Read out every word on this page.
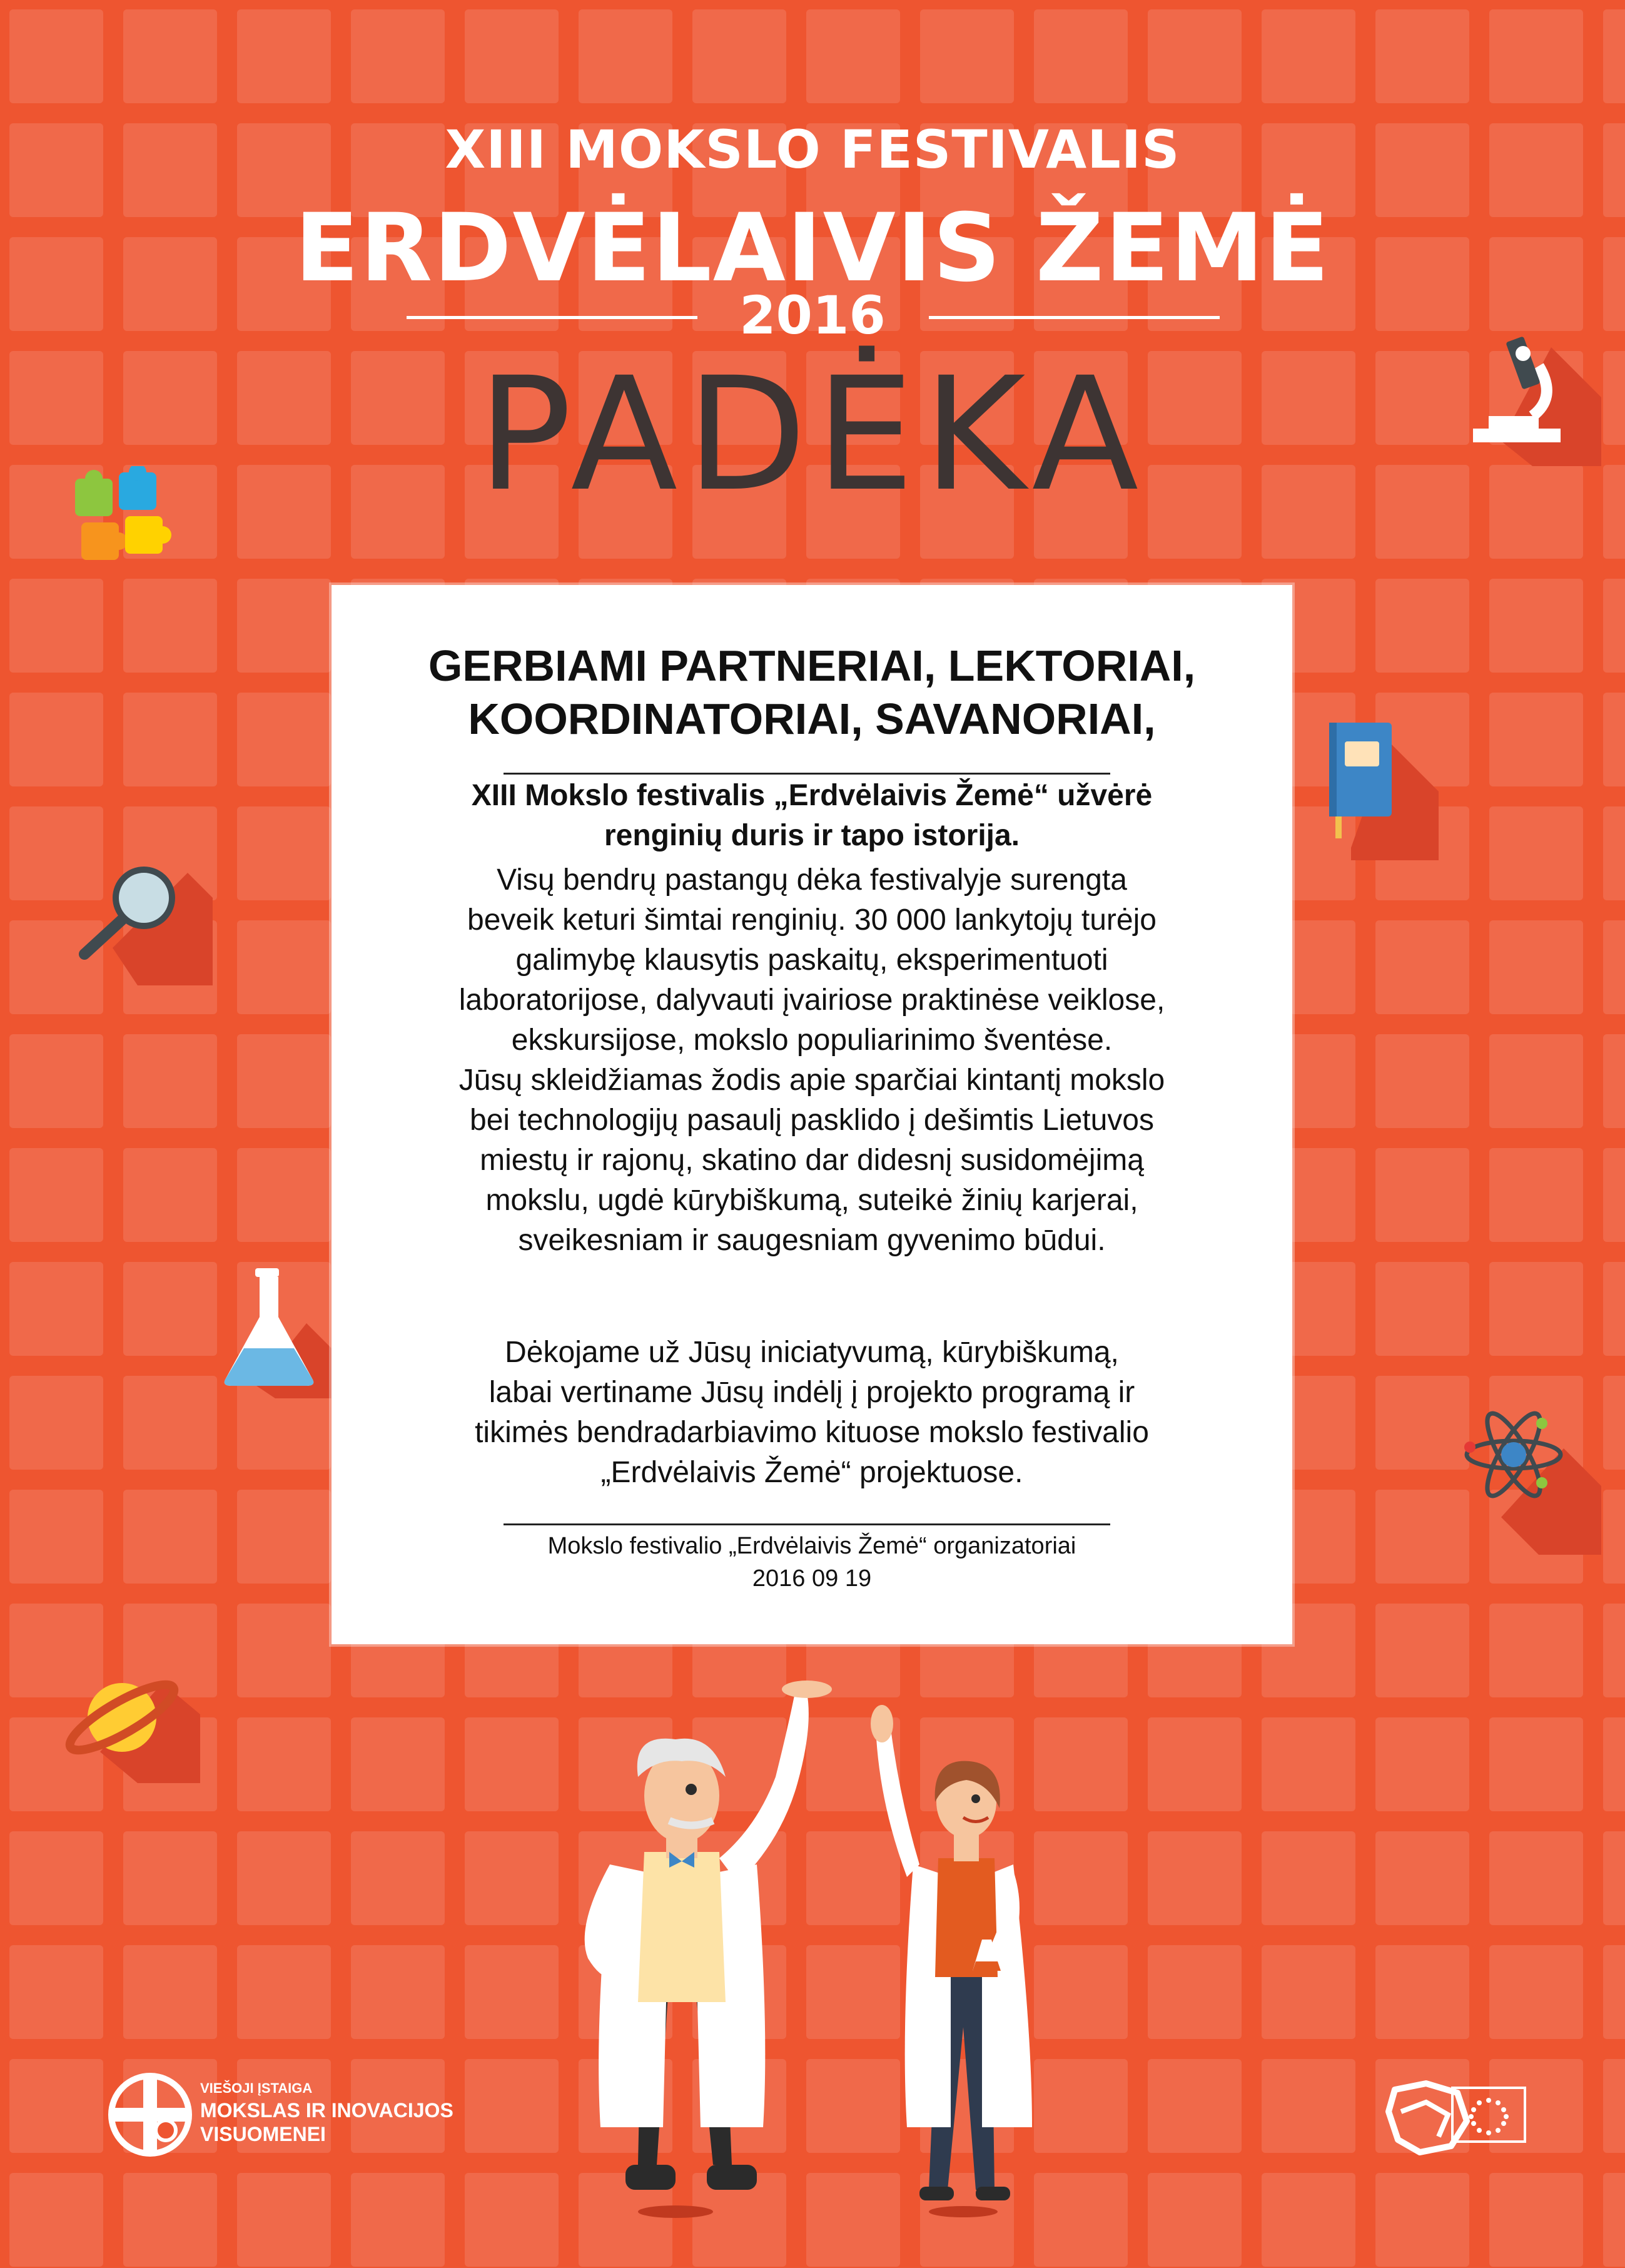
XIII MOKSLO FESTIVALIS
ERDVĖLAIVIS ŽEMĖ
2016
PADĖKA
GERBIAMI PARTNERIAI, LEKTORIAI,
KOORDINATORIAI, SAVANORIAI,
XIII Mokslo festivalis „Erdvėlaivis Žemė“ užvėrė
renginių duris ir tapo istorija.
Visų bendrų pastangų dėka festivalyje surengta
beveik keturi šimtai renginių. 30 000 lankytojų turėjo
galimybę klausytis paskaitų, eksperimentuoti
laboratorijose, dalyvauti įvairiose praktinėse veiklose,
ekskursijose, mokslo populiarinimo šventėse.
Jūsų skleidžiamas žodis apie sparčiai kintantį mokslo
bei technologijų pasaulį pasklido į dešimtis Lietuvos
miestų ir rajonų, skatino dar didesnį susidomėjimą
mokslu, ugdė kūrybiškumą, suteikė žinių karjerai,
sveikesniam ir saugesniam gyvenimo būdui.
Dėkojame už Jūsų iniciatyvumą, kūrybiškumą,
labai vertiname Jūsų indėlį į projekto programą ir
tikimės bendradarbiavimo kituose mokslo festivalio
„Erdvėlaivis Žemė“ projektuose.
Mokslo festivalio „Erdvėlaivis Žemė“ organizatoriai
2016 09 19
VIEŠOJI ĮSTAIGA
MOKSLAS IR INOVACIJOS
VISUOMENEI
